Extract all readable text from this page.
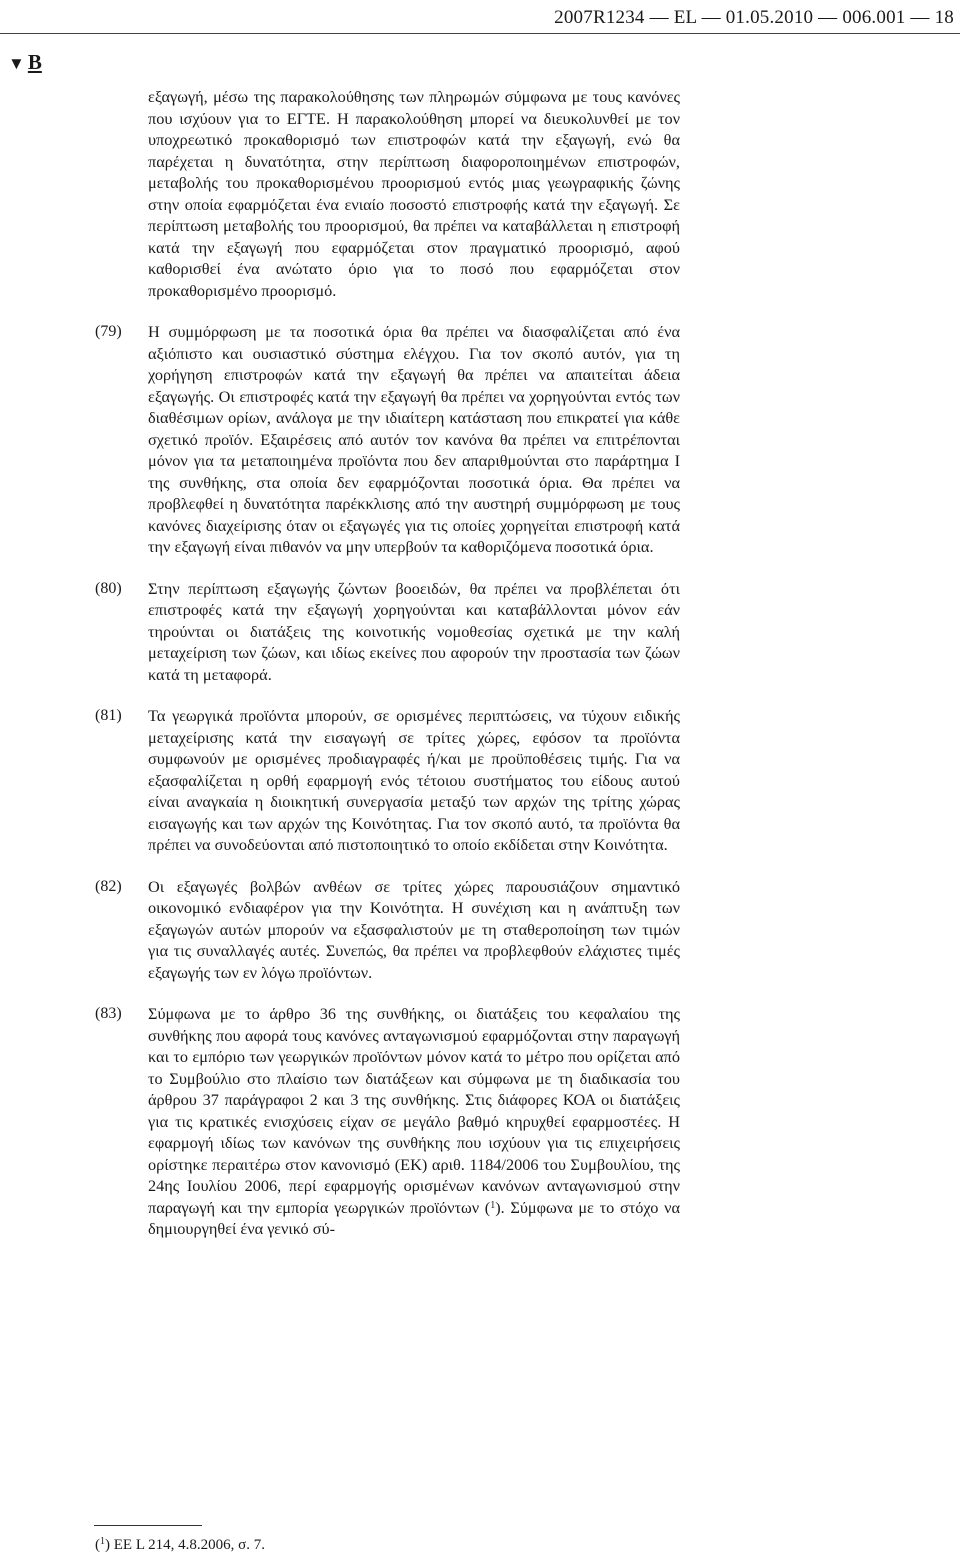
2007R1234 — EL — 01.05.2010 — 006.001 — 18
▼ B
εξαγωγή, μέσω της παρακολούθησης των πληρωμών σύμφωνα με τους κανόνες που ισχύουν για το ΕΓΤΕ. Η παρακολούθηση μπορεί να διευκολυνθεί με τον υποχρεωτικό προκαθορισμό των επιστροφών κατά την εξαγωγή, ενώ θα παρέχεται η δυνατότητα, στην περίπτωση διαφοροποιημένων επιστροφών, μεταβολής του προκαθορισμένου προορισμού εντός μιας γεωγραφικής ζώνης στην οποία εφαρμόζεται ένα ενιαίο ποσοστό επιστροφής κατά την εξαγωγή. Σε περίπτωση μεταβολής του προορισμού, θα πρέπει να καταβάλλεται η επιστροφή κατά την εξαγωγή που εφαρμόζεται στον πραγματικό προορισμό, αφού καθορισθεί ένα ανώτατο όριο για το ποσό που εφαρμόζεται στον προκαθορισμένο προορισμό.
(79) Η συμμόρφωση με τα ποσοτικά όρια θα πρέπει να διασφαλίζεται από ένα αξιόπιστο και ουσιαστικό σύστημα ελέγχου. Για τον σκοπό αυτόν, για τη χορήγηση επιστροφών κατά την εξαγωγή θα πρέπει να απαιτείται άδεια εξαγωγής. Οι επιστροφές κατά την εξαγωγή θα πρέπει να χορηγούνται εντός των διαθέσιμων ορίων, ανάλογα με την ιδιαίτερη κατάσταση που επικρατεί για κάθε σχετικό προϊόν. Εξαιρέσεις από αυτόν τον κανόνα θα πρέπει να επιτρέπονται μόνον για τα μεταποιημένα προϊόντα που δεν απαριθμούνται στο παράρτημα I της συνθήκης, στα οποία δεν εφαρμόζονται ποσοτικά όρια. Θα πρέπει να προβλεφθεί η δυνατότητα παρέκκλισης από την αυστηρή συμμόρφωση με τους κανόνες διαχείρισης όταν οι εξαγωγές για τις οποίες χορηγείται επιστροφή κατά την εξαγωγή είναι πιθανόν να μην υπερβούν τα καθοριζόμενα ποσοτικά όρια.
(80) Στην περίπτωση εξαγωγής ζώντων βοοειδών, θα πρέπει να προβλέπεται ότι επιστροφές κατά την εξαγωγή χορηγούνται και καταβάλλονται μόνον εάν τηρούνται οι διατάξεις της κοινοτικής νομοθεσίας σχετικά με την καλή μεταχείριση των ζώων, και ιδίως εκείνες που αφορούν την προστασία των ζώων κατά τη μεταφορά.
(81) Τα γεωργικά προϊόντα μπορούν, σε ορισμένες περιπτώσεις, να τύχουν ειδικής μεταχείρισης κατά την εισαγωγή σε τρίτες χώρες, εφόσον τα προϊόντα συμφωνούν με ορισμένες προδιαγραφές ή/και με προϋποθέσεις τιμής. Για να εξασφαλίζεται η ορθή εφαρμογή ενός τέτοιου συστήματος του είδους αυτού είναι αναγκαία η διοικητική συνεργασία μεταξύ των αρχών της τρίτης χώρας εισαγωγής και των αρχών της Κοινότητας. Για τον σκοπό αυτό, τα προϊόντα θα πρέπει να συνοδεύονται από πιστοποιητικό το οποίο εκδίδεται στην Κοινότητα.
(82) Οι εξαγωγές βολβών ανθέων σε τρίτες χώρες παρουσιάζουν σημαντικό οικονομικό ενδιαφέρον για την Κοινότητα. Η συνέχιση και η ανάπτυξη των εξαγωγών αυτών μπορούν να εξασφαλιστούν με τη σταθεροποίηση των τιμών για τις συναλλαγές αυτές. Συνεπώς, θα πρέπει να προβλεφθούν ελάχιστες τιμές εξαγωγής των εν λόγω προϊόντων.
(83) Σύμφωνα με το άρθρο 36 της συνθήκης, οι διατάξεις του κεφαλαίου της συνθήκης που αφορά τους κανόνες ανταγωνισμού εφαρμόζονται στην παραγωγή και το εμπόριο των γεωργικών προϊόντων μόνον κατά το μέτρο που ορίζεται από το Συμβούλιο στο πλαίσιο των διατάξεων και σύμφωνα με τη διαδικασία του άρθρου 37 παράγραφοι 2 και 3 της συνθήκης. Στις διάφορες ΚΟΑ οι διατάξεις για τις κρατικές ενισχύσεις είχαν σε μεγάλο βαθμό κηρυχθεί εφαρμοστέες. Η εφαρμογή ιδίως των κανόνων της συνθήκης που ισχύουν για τις επιχειρήσεις ορίστηκε περαιτέρω στον κανονισμό (ΕΚ) αριθ. 1184/2006 του Συμβουλίου, της 24ης Ιουλίου 2006, περί εφαρμογής ορισμένων κανόνων ανταγωνισμού στην παραγωγή και την εμπορία γεωργικών προϊόντων ($^1$). Σύμφωνα με το στόχο να δημιουργηθεί ένα γενικό σύ-
($^1$) EE L 214, 4.8.2006, σ. 7.
